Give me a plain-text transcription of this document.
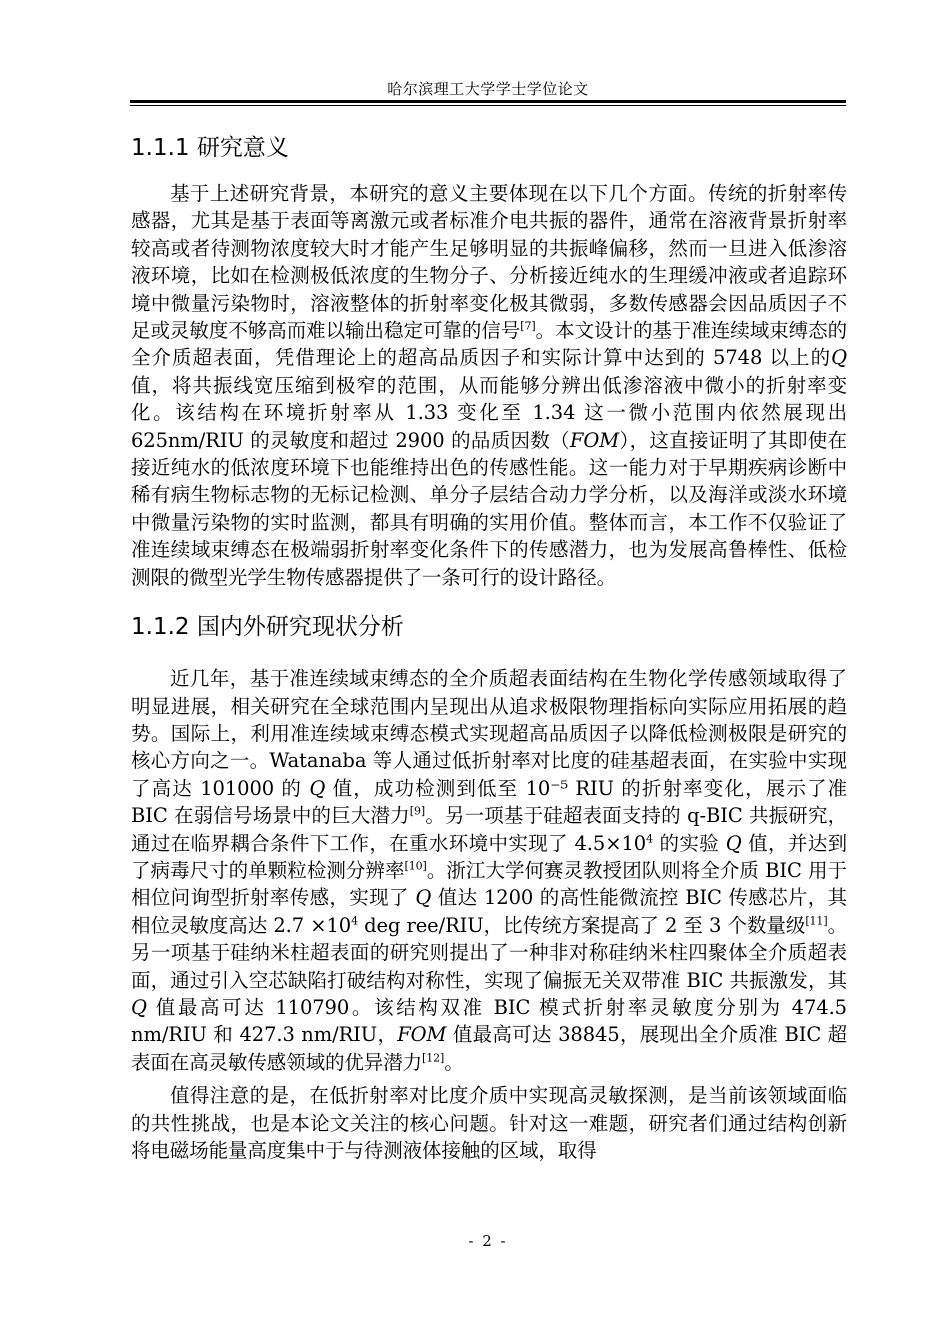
哈尔滨理工大学学士学位论文
1.1.1 研究意义

基于上述研究背景，本研究的意义主要体现在以下几个方面。传统的折射率传感器，尤其是基于表面等离激元或者标准介电共振的器件，通常在溶液背景折射率较高或者待测物浓度较大时才能产生足够明显的共振峰偏移，然而一旦进入低渗溶液环境，比如在检测极低浓度的生物分子、分析接近纯水的生理缓冲液或者追踪环境中微量污染物时，溶液整体的折射率变化极其微弱，多数传感器会因品质因子不足或灵敏度不够高而难以输出稳定可靠的信号[7]。本文设计的基于准连续域束缚态的全介质超表面，凭借理论上的超高品质因子和实际计算中达到的 5748 以上的Q值，将共振线宽压缩到极窄的范围，从而能够分辨出低渗溶液中微小的折射率变化。该结构在环境折射率从 1.33 变化至 1.34 这一微小范围内依然展现出 625nm/RIU 的灵敏度和超过 2900 的品质因数（FOM），这直接证明了其即使在接近纯水的低浓度环境下也能维持出色的传感性能。这一能力对于早期疾病诊断中稀有病生物标志物的无标记检测、单分子层结合动力学分析，以及海洋或淡水环境中微量污染物的实时监测，都具有明确的实用价值。整体而言，本工作不仅验证了准连续域束缚态在极端弱折射率变化条件下的传感潜力，也为发展高鲁棒性、低检测限的微型光学生物传感器提供了一条可行的设计路径。

1.1.2 国内外研究现状分析

近几年，基于准连续域束缚态的全介质超表面结构在生物化学传感领域取得了明显进展，相关研究在全球范围内呈现出从追求极限物理指标向实际应用拓展的趋势。国际上，利用准连续域束缚态模式实现超高品质因子以降低检测极限是研究的核心方向之一。Watanaba 等人通过低折射率对比度的硅基超表面，在实验中实现了高达 101000 的 Q 值，成功检测到低至 10⁻⁵ RIU 的折射率变化，展示了准 BIC 在弱信号场景中的巨大潜力[9]。另一项基于硅超表面支持的 q-BIC 共振研究，通过在临界耦合条件下工作，在重水环境中实现了 $4.5\times 10^4$ 的实验 Q 值，并达到了病毒尺寸的单颗粒检测分辨率[10]。浙江大学何赛灵教授团队则将全介质 BIC 用于相位问询型折射率传感，实现了 Q 值达 1200 的高性能微流控 BIC 传感芯片，其相位灵敏度高达 $2.7 \times 10^4$ deg ree/RIU，比传统方案提高了 2 至 3 个数量级[11]。另一项基于硅纳米柱超表面的研究则提出了一种非对称硅纳米柱四聚体全介质超表面，通过引入空芯缺陷打破结构对称性，实现了偏振无关双带准 BIC 共振激发，其 Q 值最高可达 110790。该结构双准 BIC 模式折射率灵敏度分别为 474.5 nm/RIU 和 427.3 nm/RIU，FOM 值最高可达 38845，展现出全介质准 BIC 超表面在高灵敏传感领域的优异潜力[12]。

值得注意的是，在低折射率对比度介质中实现高灵敏探测，是当前该领域面临的共性挑战，也是本论文关注的核心问题。针对这一难题，研究者们通过结构创新将电磁场能量高度集中于与待测液体接触的区域，取得

- 2 -
